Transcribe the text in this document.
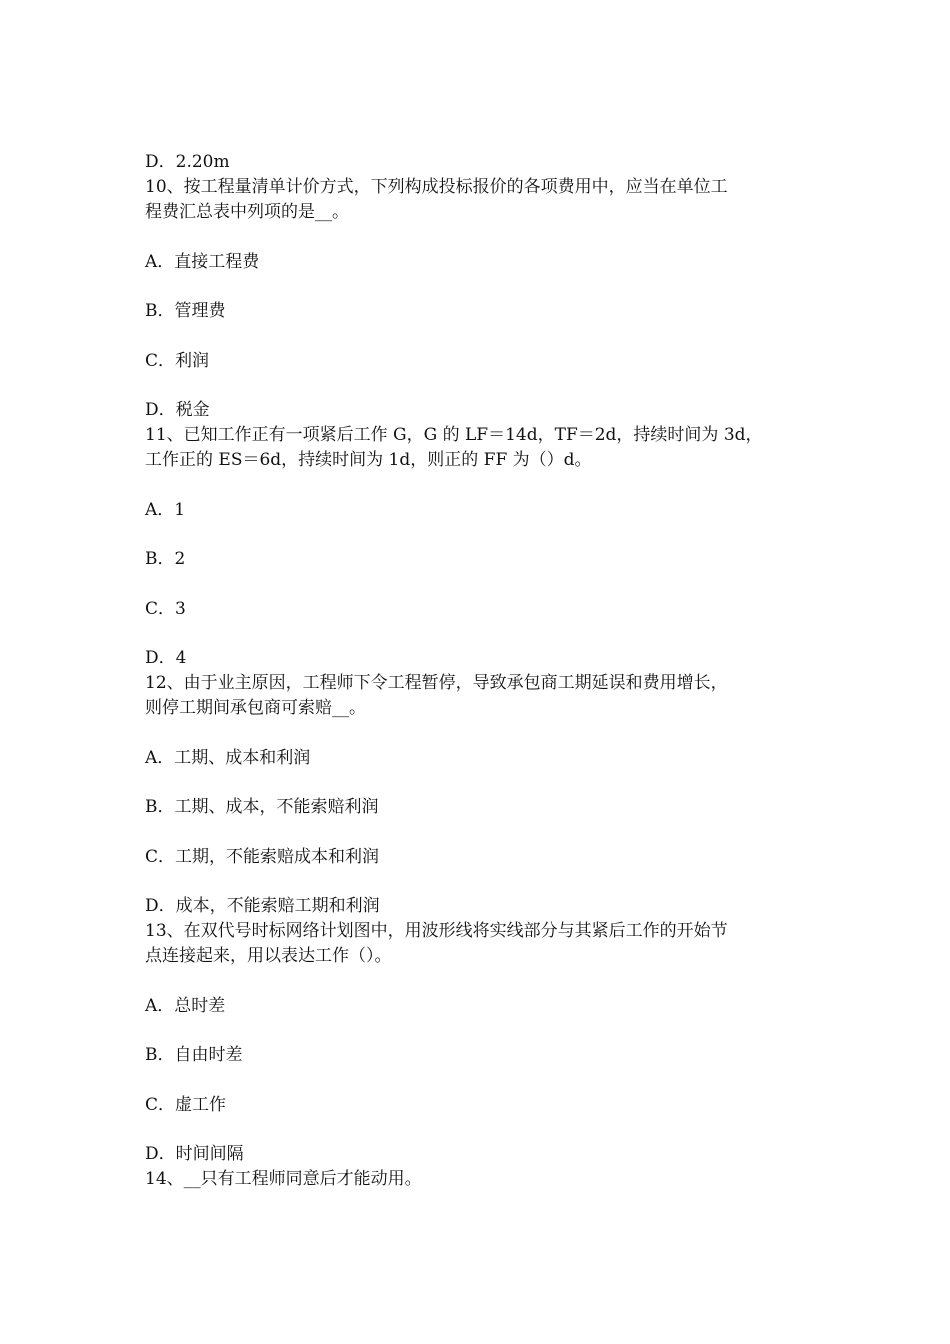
D．2.20m
10、按工程量清单计价方式，下列构成投标报价的各项费用中，应当在单位工
程费汇总表中列项的是__。
A．直接工程费
B．管理费
C．利润
D．税金
11、已知工作正有一项紧后工作 G，G 的 LF＝14d，TF＝2d，持续时间为 3d，
工作正的 ES＝6d，持续时间为 1d，则正的 FF 为（）d。
A．1
B．2
C．3
D．4
12、由于业主原因，工程师下令工程暂停，导致承包商工期延误和费用增长，
则停工期间承包商可索赔__。
A．工期、成本和利润
B．工期、成本，不能索赔利润
C．工期，不能索赔成本和利润
D．成本，不能索赔工期和利润
13、在双代号时标网络计划图中，用波形线将实线部分与其紧后工作的开始节
点连接起来，用以表达工作（）。
A．总时差
B．自由时差
C．虚工作
D．时间间隔
14、__只有工程师同意后才能动用。
